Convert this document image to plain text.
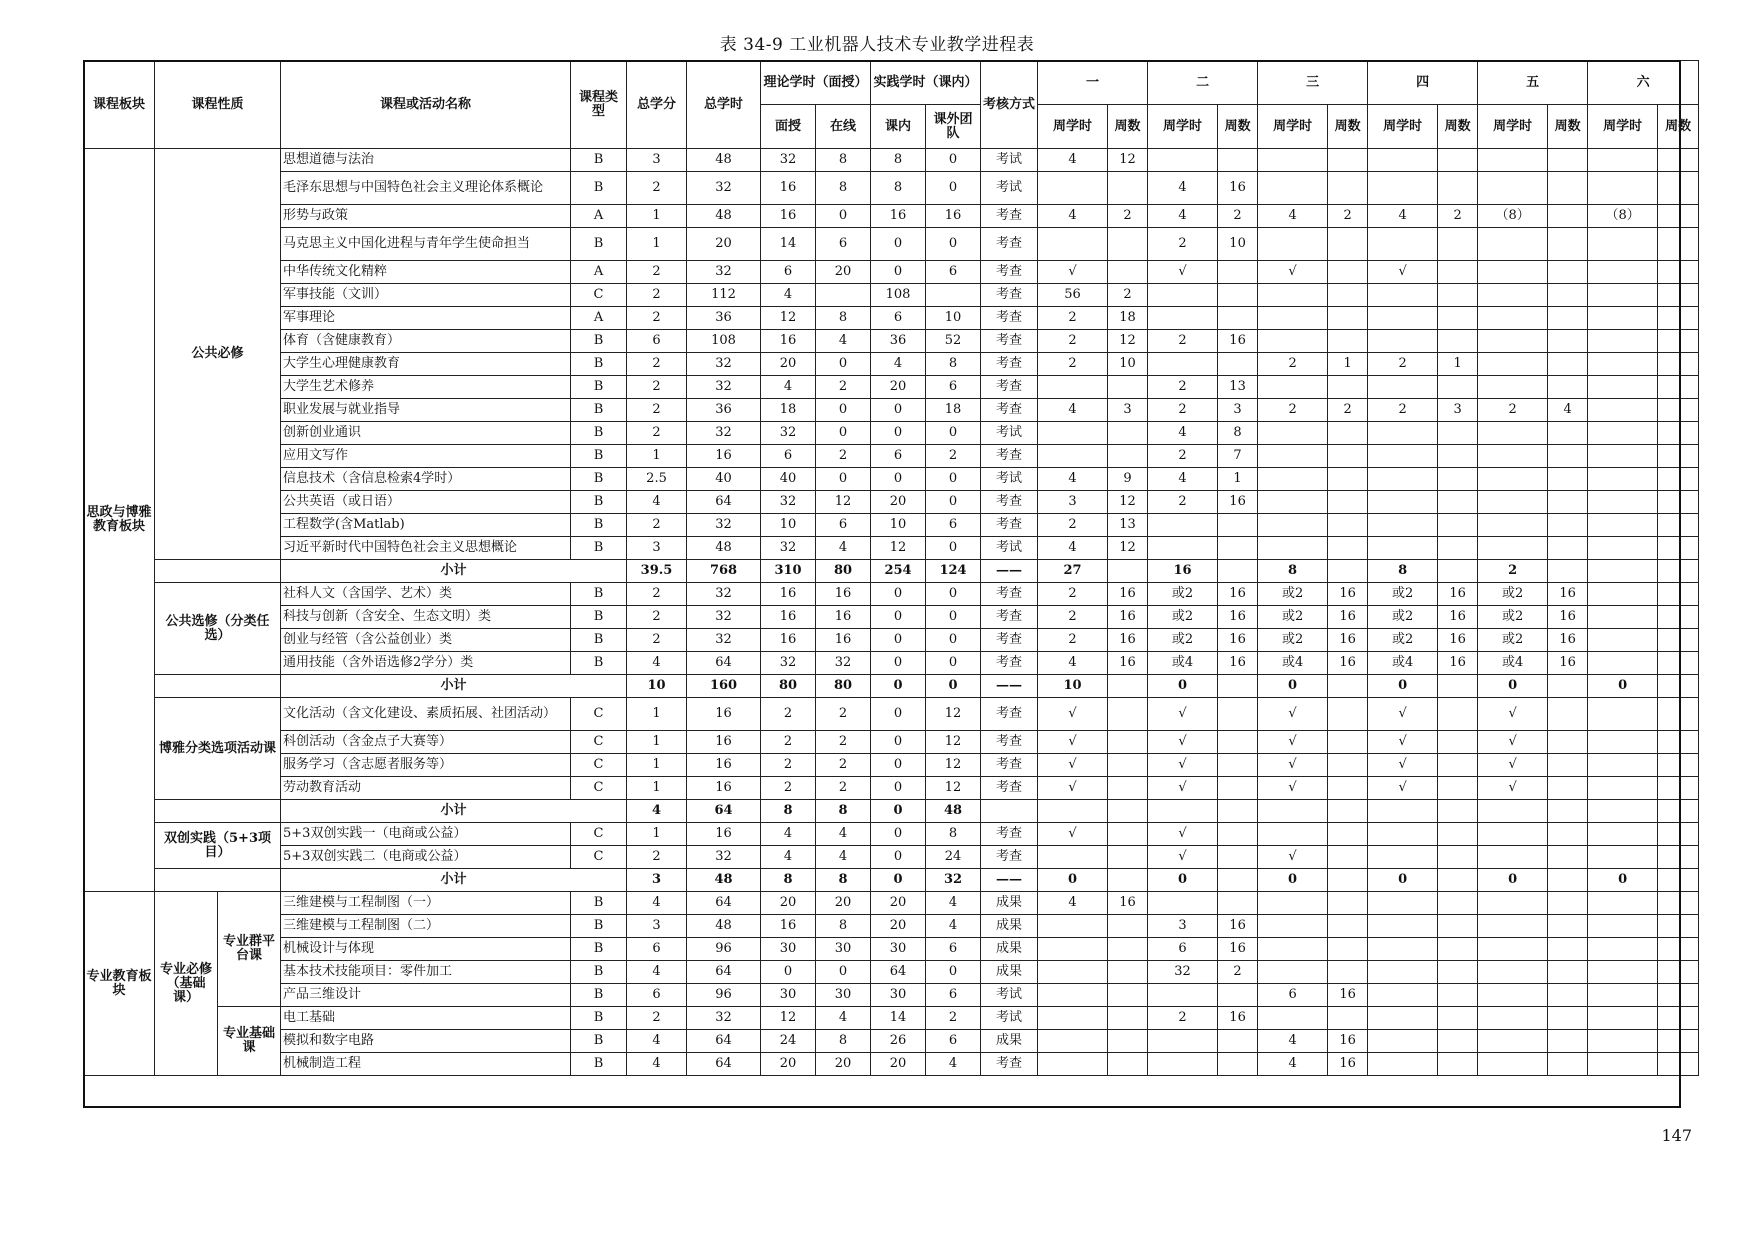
表 34-9 工业机器人技术专业教学进程表
课程板块	课程性质		课程或活动名称	课程类型	总学分	总学时	理论学时（面授）		实践学时（课内）		考核方式	一		二		三		四		五		六	
							面授	在线	课内	课外团队		周学时	周数	周学时	周数	周学时	周数	周学时	周数	周学时	周数	周学时	周数
思政与博雅教育板块	公共必修		思想道德与法治	B	3	48	32	8	8	0	考试	4	12										
			毛泽东思想与中国特色社会主义理论体系概论	B	2	32	16	8	8	0	考试			4	16								
			形势与政策	A	1	48	16	0	16	16	考查	4	2	4	2	4	2	4	2	（8）		（8）	
			马克思主义中国化进程与青年学生使命担当	B	1	20	14	6	0	0	考查			2	10								
			中华传统文化精粹	A	2	32	6	20	0	6	考查	√		√		√		√					
			军事技能（文训）	C	2	112	4		108		考查	56	2										
			军事理论	A	2	36	12	8	6	10	考查	2	18										
			体育（含健康教育）	B	6	108	16	4	36	52	考查	2	12	2	16								
			大学生心理健康教育	B	2	32	20	0	4	8	考查	2	10			2	1	2	1				
			大学生艺术修养	B	2	32	4	2	20	6	考查			2	13								
			职业发展与就业指导	B	2	36	18	0	0	18	考查	4	3	2	3	2	2	2	3	2	4		
			创新创业通识	B	2	32	32	0	0	0	考试			4	8								
			应用文写作	B	1	16	6	2	6	2	考查			2	7								
			信息技术（含信息检索4学时）	B	2.5	40	40	0	0	0	考试	4	9	4	1								
			公共英语（或日语）	B	4	64	32	12	20	0	考查	3	12	2	16								
			工程数学(含Matlab)	B	2	32	10	6	10	6	考查	2	13										
			习近平新时代中国特色社会主义思想概论	B	3	48	32	4	12	0	考试	4	12										
			小计		39.5	768	310	80	254	124	——	27		16		8		8		2			
	公共选修（分类任选）		社科人文（含国学、艺术）类	B	2	32	16	16	0	0	考查	2	16	或2	16	或2	16	或2	16	或2	16		
			科技与创新（含安全、生态文明）类	B	2	32	16	16	0	0	考查	2	16	或2	16	或2	16	或2	16	或2	16		
			创业与经管（含公益创业）类	B	2	32	16	16	0	0	考查	2	16	或2	16	或2	16	或2	16	或2	16		
			通用技能（含外语选修2学分）类	B	4	64	32	32	0	0	考查	4	16	或4	16	或4	16	或4	16	或4	16		
			小计		10	160	80	80	0	0	——	10		0		0		0		0		0	
	博雅分类选项活动课		文化活动（含文化建设、素质拓展、社团活动）	C	1	16	2	2	0	12	考查	√		√		√		√		√			
			科创活动（含金点子大赛等）	C	1	16	2	2	0	12	考查	√		√		√		√		√			
			服务学习（含志愿者服务等）	C	1	16	2	2	0	12	考查	√		√		√		√		√			
			劳动教育活动	C	1	16	2	2	0	12	考查	√		√		√		√		√			
			小计		4	64	8	8	0	48													
	双创实践（5+3项目）		5+3双创实践一（电商或公益）	C	1	16	4	4	0	8	考查	√		√									
			5+3双创实践二（电商或公益）	C	2	32	4	4	0	24	考查			√		√							
			小计		3	48	8	8	0	32	——	0		0		0		0		0		0	
专业教育板块	专业必修（基础课）	专业群平台课	三维建模与工程制图（一）	B	4	64	20	20	20	4	成果	4	16										
			三维建模与工程制图（二）	B	3	48	16	8	20	4	成果			3	16								
			机械设计与体现	B	6	96	30	30	30	6	成果			6	16								
			基本技术技能项目：零件加工	B	4	64	0	0	64	0	成果			32	2								
			产品三维设计	B	6	96	30	30	30	6	考试					6	16						
		专业基础课	电工基础	B	2	32	12	4	14	2	考试			2	16								
			模拟和数字电路	B	4	64	24	8	26	6	成果					4	16						
			机械制造工程	B	4	64	20	20	20	4	考查					4	16						
147
